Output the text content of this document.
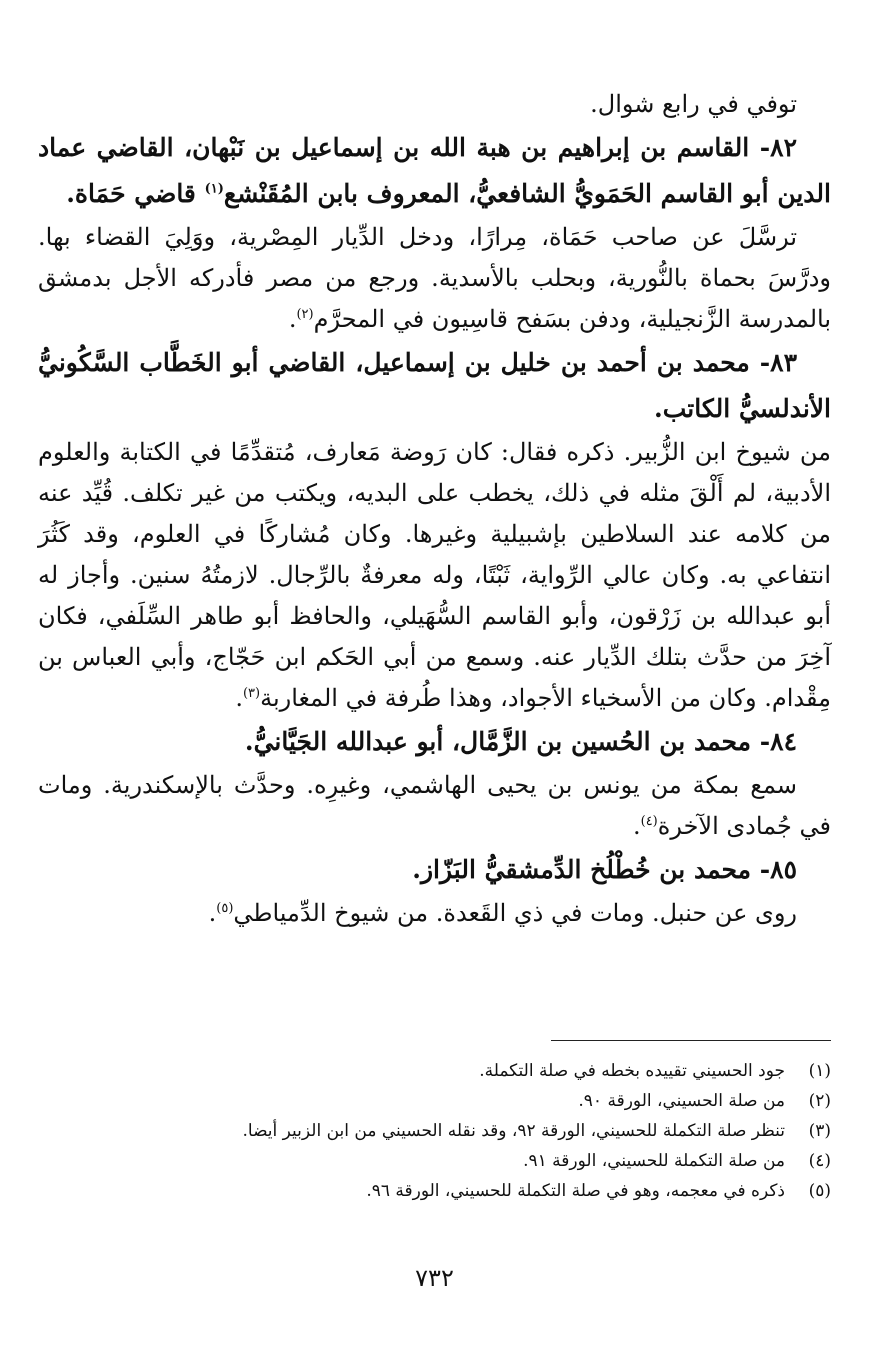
توفي في رابع شوال.

٨٢- القاسم بن إبراهيم بن هبة الله بن إسماعيل بن نَبْهان، القاضي عماد الدين أبو القاسم الحَمَويُّ الشافعيُّ، المعروف بابن المُقَنْشع$^{(١)}$ قاضي حَمَاة.

ترسَّلَ عن صاحب حَمَاة، مِرارًا، ودخل الدِّيار المِصْرية، ووَلِيَ القضاء بها. ودرَّسَ بحماة بالنُّورية، وبحلب بالأسدية. ورجع من مصر فأدركه الأجل بدمشق بالمدرسة الزَّنجيلية، ودفن بسَفح قاسِيون في المحرَّم$^{(٢)}$.

٨٣- محمد بن أحمد بن خليل بن إسماعيل، القاضي أبو الخَطَّاب السَّكُونيُّ الأندلسيُّ الكاتب.

من شيوخ ابن الزُّبير. ذكره فقال: كان رَوضة مَعارف، مُتقدِّمًا في الكتابة والعلوم الأدبية، لم أَلْقَ مثله في ذلك، يخطب على البديه، ويكتب من غير تكلف. قُيِّد عنه من كلامه عند السلاطين بإشبيلية وغيرها. وكان مُشاركًا في العلوم، وقد كَثُرَ انتفاعي به. وكان عالي الرِّواية، ثَبْتًا، وله معرفةٌ بالرِّجال. لازمتُهُ سنين. وأجاز له أبو عبدالله بن زَرْقون، وأبو القاسم السُّهَيلي، والحافظ أبو طاهر السِّلَفي، فكان آخِرَ من حدَّث بتلك الدِّيار عنه. وسمع من أبي الحَكم ابن حَجّاج، وأبي العباس بن مِقْدام. وكان من الأسخياء الأجواد، وهذا طُرفة في المغاربة$^{(٣)}$.

٨٤- محمد بن الحُسين بن الزَّمَّال، أبو عبدالله الجَيَّانيُّ.

سمع بمكة من يونس بن يحيى الهاشمي، وغيرِه. وحدَّث بالإسكندرية. ومات في جُمادى الآخرة$^{(٤)}$.

٨٥- محمد بن خُطْلُخ الدِّمشقيُّ البَزّاز.

روى عن حنبل. ومات في ذي القَعدة. من شيوخ الدِّمياطي$^{(٥)}$.

(١)
جود الحسيني تقييده بخطه في صلة التكملة.
(٢)
من صلة الحسيني، الورقة ٩٠.
(٣)
تنظر صلة التكملة للحسيني، الورقة ٩٢، وقد نقله الحسيني من ابن الزبير أيضا.
(٤)
من صلة التكملة للحسيني، الورقة ٩١.
(٥)
ذكره في معجمه، وهو في صلة التكملة للحسيني، الورقة ٩٦.
٧٣٢
